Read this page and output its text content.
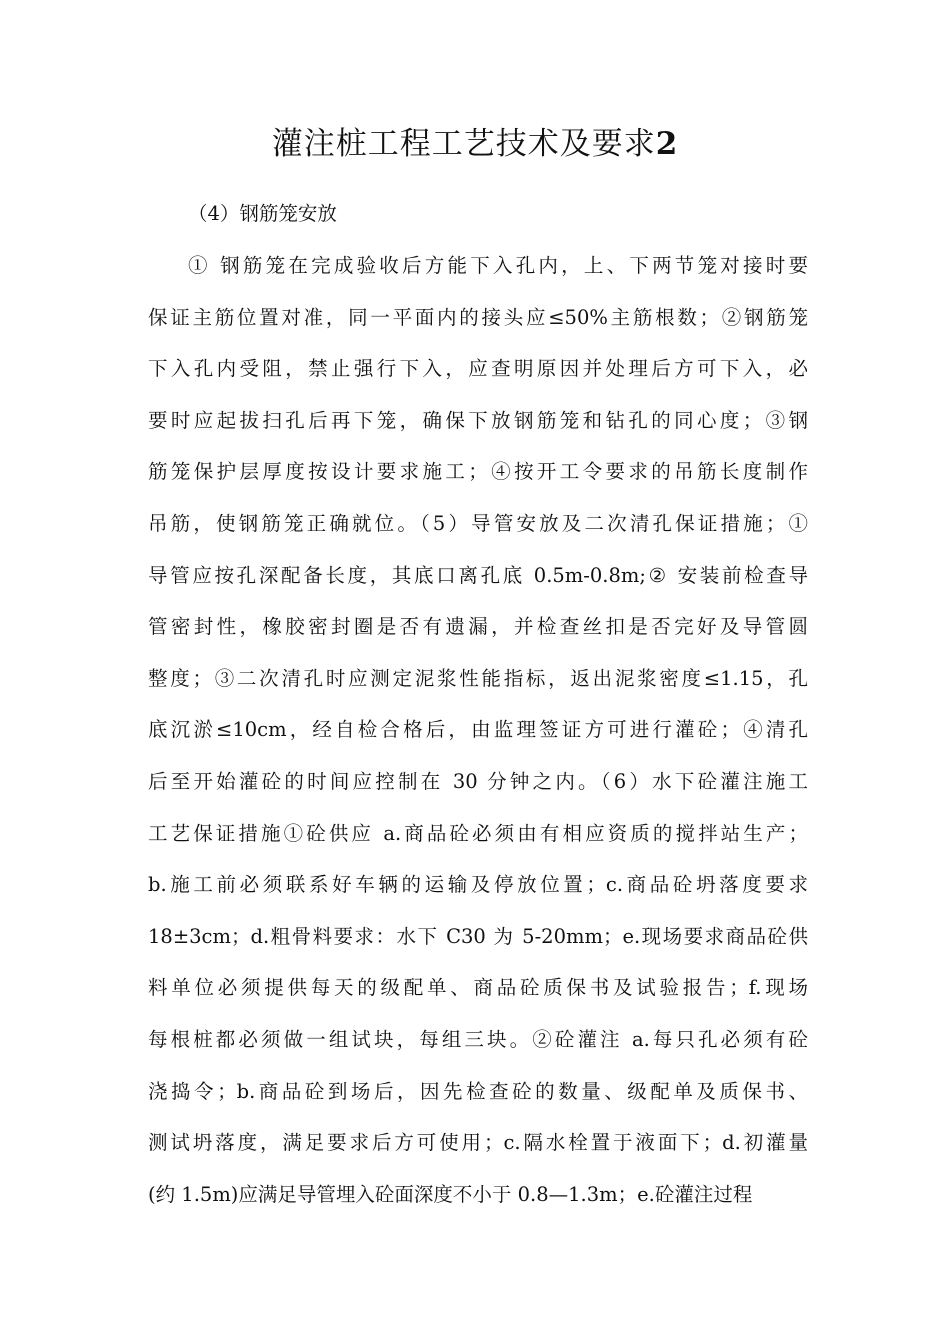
灌注桩工程工艺技术及要求2

（4）钢筋笼安放

① 钢筋笼在完成验收后方能下入孔内，上、下两节笼对接时要
保证主筋位置对准，同一平面内的接头应≤50%主筋根数；②钢筋笼
下入孔内受阻，禁止强行下入，应查明原因并处理后方可下入，必
要时应起拔扫孔后再下笼，确保下放钢筋笼和钻孔的同心度；③钢
筋笼保护层厚度按设计要求施工；④按开工令要求的吊筋长度制作
吊筋，使钢筋笼正确就位。（5）导管安放及二次清孔保证措施；①
导管应按孔深配备长度，其底口离孔底 0.5m-0.8m;② 安装前检查导
管密封性，橡胶密封圈是否有遗漏，并检查丝扣是否完好及导管圆
整度；③二次清孔时应测定泥浆性能指标，返出泥浆密度≤1.15，孔
底沉淤≤10cm，经自检合格后，由监理签证方可进行灌砼；④清孔
后至开始灌砼的时间应控制在 30 分钟之内。（6）水下砼灌注施工
工艺保证措施①砼供应 a.商品砼必须由有相应资质的搅拌站生产；
b.施工前必须联系好车辆的运输及停放位置；c.商品砼坍落度要求
18±3cm；d.粗骨料要求：水下 C30 为 5-20mm；e.现场要求商品砼供
料单位必须提供每天的级配单、商品砼质保书及试验报告；f.现场
每根桩都必须做一组试块，每组三块。②砼灌注 a.每只孔必须有砼
浇捣令；b.商品砼到场后，因先检查砼的数量、级配单及质保书、
测试坍落度，满足要求后方可使用；c.隔水栓置于液面下；d.初灌量
(约 1.5m)应满足导管埋入砼面深度不小于 0.8—1.3m；e.砼灌注过程
